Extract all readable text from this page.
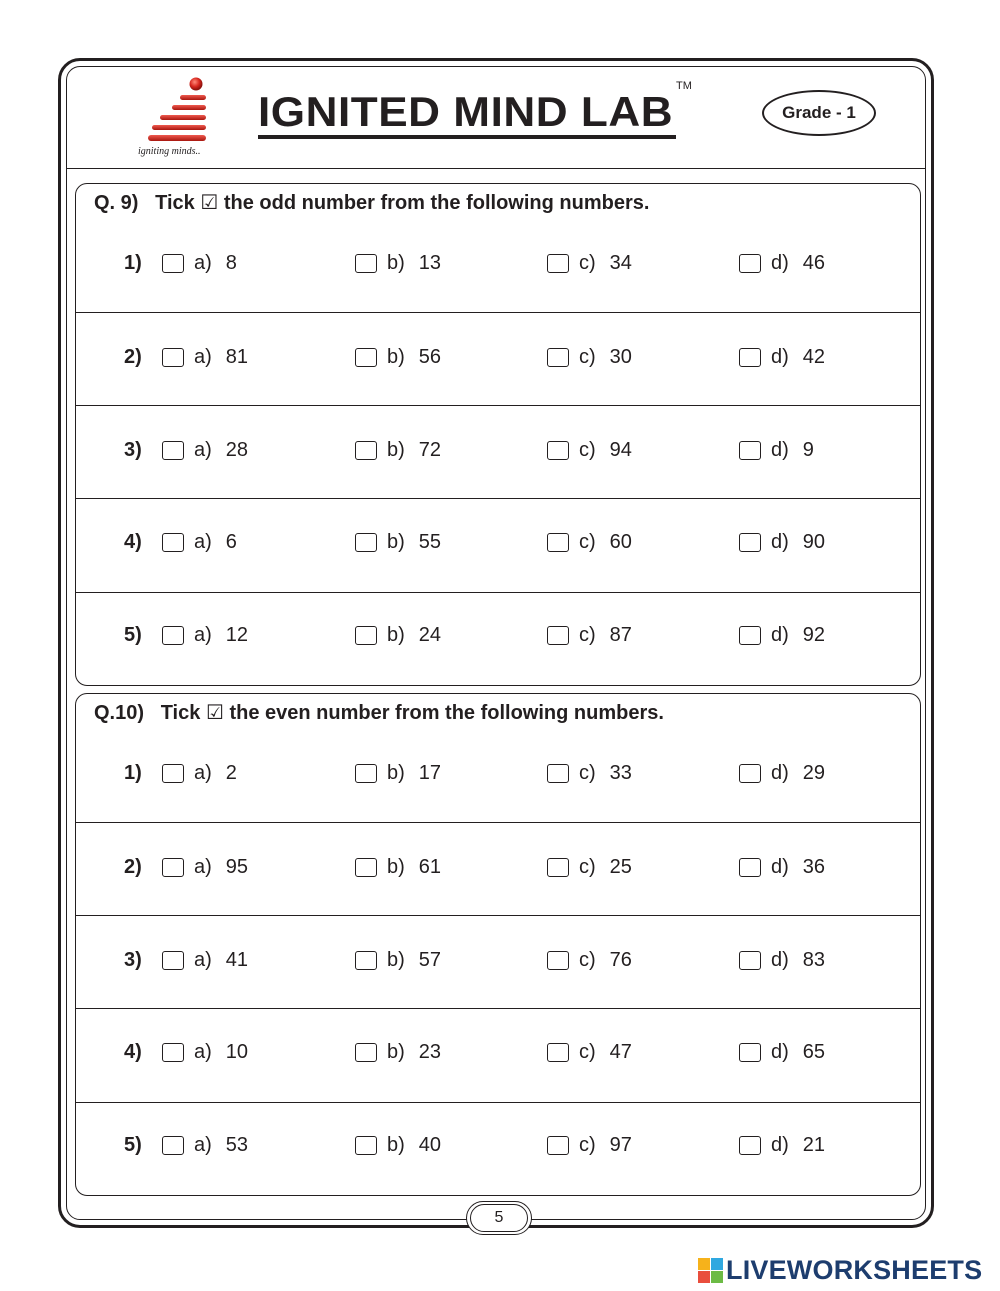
igniting minds..
IGNITED MIND LAB
TM
Grade - 1
Q. 9) Tick ☑ the odd number from the following numbers.
1)	a) 8	b) 13	c) 34	d) 46
2)	a) 81	b) 56	c) 30	d) 42
3)	a) 28	b) 72	c) 94	d) 9
4)	a) 6	b) 55	c) 60	d) 90
5)	a) 12	b) 24	c) 87	d) 92
Q.10) Tick ☑ the even number from the following numbers.
1)	a) 2	b) 17	c) 33	d) 29
2)	a) 95	b) 61	c) 25	d) 36
3)	a) 41	b) 57	c) 76	d) 83
4)	a) 10	b) 23	c) 47	d) 65
5)	a) 53	b) 40	c) 97	d) 21
5
LIVEWORKSHEETS
